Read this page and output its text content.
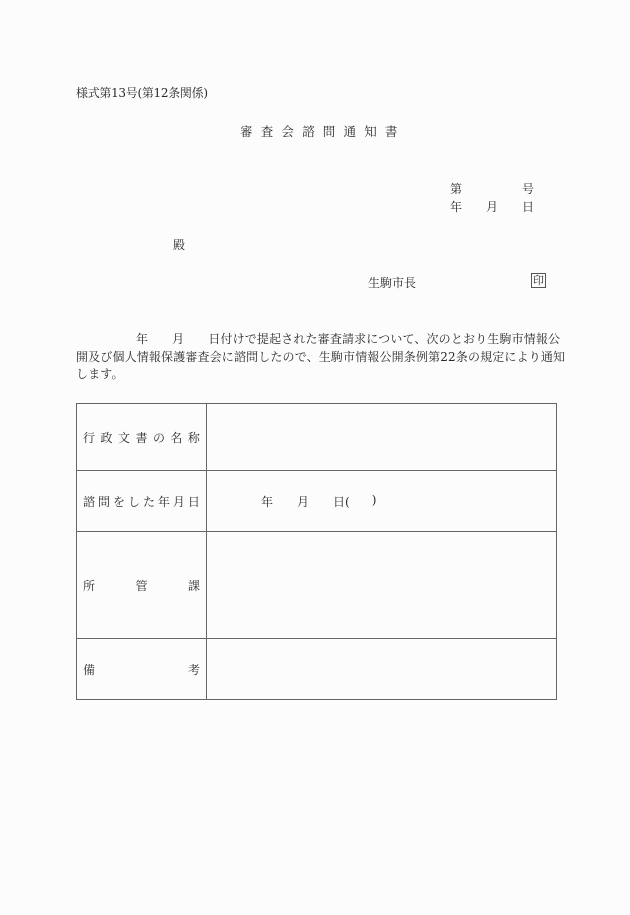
様式第13号(第12条関係)
審査会諮問通知書
第	号
年 月 日
殿
生駒市長	印
年 月 日付けで提起された審査請求について、次のとおり生駒市情報公
開及び個人情報保護審査会に諮問したので、生駒市情報公開条例第22条の規定により通知
します。
行 政 文 書 の 名 称

諮 問 を し た 年 月 日	年 月 日( )

所 管 課	

備 考	
